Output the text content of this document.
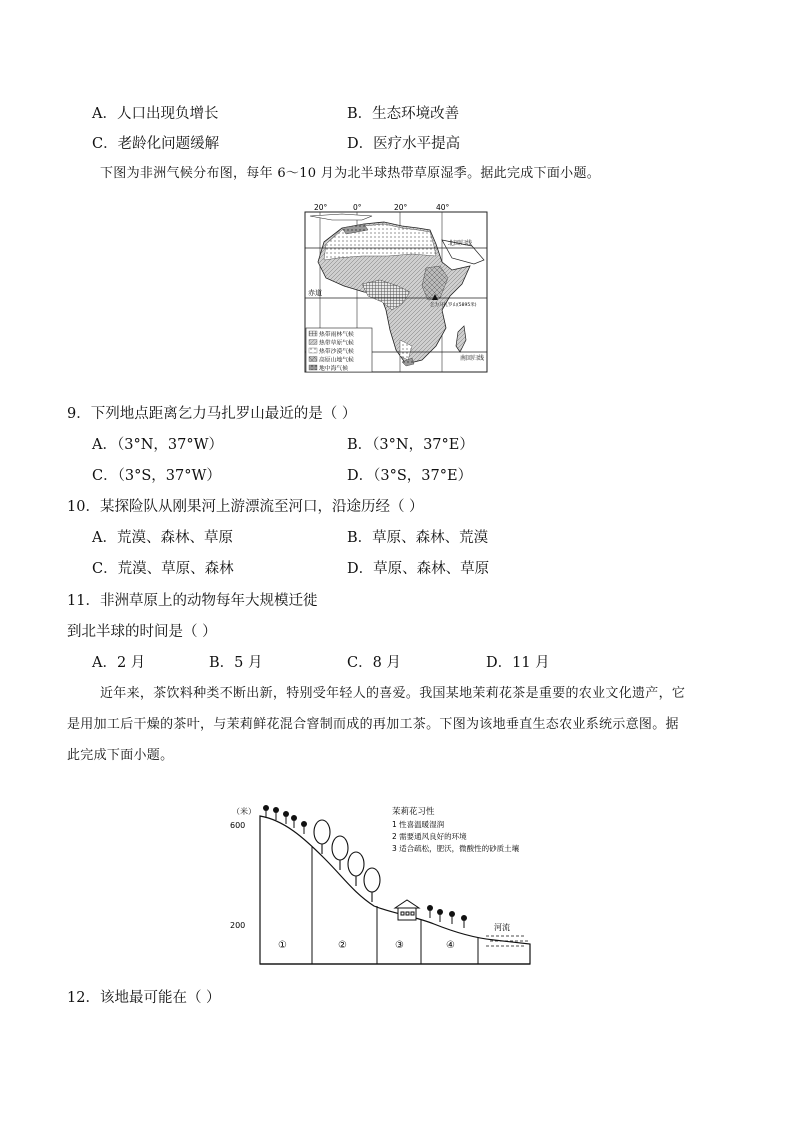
A．人口出现负增长	B．生态环境改善
C．老龄化问题缓解	D．医疗水平提高
下图为非洲气候分布图，每年 6～10 月为北半球热带草原湿季。据此完成下面小题。
20°	0°	20°	40°
赤道
北回归线
南回归线
乞力马扎罗山(5895米)
热带雨林气候
热带草原气候
热带沙漠气候
高原山地气候
地中海气候
9．下列地点距离乞力马扎罗山最近的是（ ）
A．（3°N，37°W）	B．（3°N，37°E）
C．（3°S，37°W）	D．（3°S，37°E）
10．某探险队从刚果河上游漂流至河口，沿途历经（ ）
A．荒漠、森林、草原	B．草原、森林、荒漠
C．荒漠、草原、森林	D．草原、森林、草原
11．非洲草原上的动物每年大规模迁徙
到北半球的时间是（ ）
A．2 月	B．5 月	C．8 月	D．11 月
近年来，茶饮料种类不断出新，特别受年轻人的喜爱。我国某地茉莉花茶是重要的农业文化遗产，它
是用加工后干燥的茶叶，与茉莉鲜花混合窨制而成的再加工茶。下图为该地垂直生态农业系统示意图。据
此完成下面小题。
（米）
600
200
茉莉花习性
1 性喜温暖湿润
2 需要通风良好的环境
3 适合疏松，肥沃，微酸性的砂质土壤
河流
①	②	③	④
12．该地最可能在（ ）
